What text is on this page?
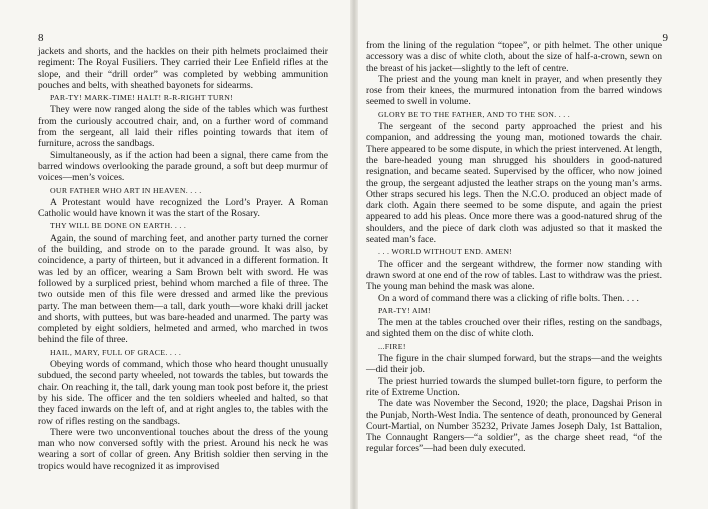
8

jackets and shorts, and the hackles on their pith helmets proclaimed their regiment: The Royal Fusiliers. They carried their Lee Enfield rifles at the slope, and their “drill order” was completed by webbing ammunition pouches and belts, with sheathed bayonets for sidearms.

PAR-TY! MARK-TIME! HALT! R-R-RIGHT TURN!

They were now ranged along the side of the tables which was furthest from the curiously accoutred chair, and, on a further word of command from the sergeant, all laid their rifles pointing towards that item of furniture, across the sandbags.

Simultaneously, as if the action had been a signal, there came from the barred windows overlooking the parade ground, a soft but deep murmur of voices—men’s voices.

OUR FATHER WHO ART IN HEAVEN. . . .

A Protestant would have recognized the Lord’s Prayer. A Roman Catholic would have known it was the start of the Rosary.

THY WILL BE DONE ON EARTH. . . .

Again, the sound of marching feet, and another party turned the corner of the building, and strode on to the parade ground. It was also, by coincidence, a party of thirteen, but it advanced in a different formation. It was led by an officer, wearing a Sam Brown belt with sword. He was followed by a surpliced priest, behind whom marched a file of three. The two outside men of this file were dressed and armed like the previous party. The man between them—a tall, dark youth—wore khaki drill jacket and shorts, with puttees, but was bare-headed and unarmed. The party was completed by eight soldiers, helmeted and armed, who marched in twos behind the file of three.

HAIL, MARY, FULL OF GRACE. . . .

Obeying words of command, which those who heard thought unusually subdued, the second party wheeled, not towards the tables, but towards the chair. On reaching it, the tall, dark young man took post before it, the priest by his side. The officer and the ten soldiers wheeled and halted, so that they faced inwards on the left of, and at right angles to, the tables with the row of rifles resting on the sandbags.

There were two unconventional touches about the dress of the young man who now conversed softly with the priest. Around his neck he was wearing a sort of collar of green. Any British soldier then serving in the tropics would have recognized it as improvised

9

from the lining of the regulation “topee”, or pith helmet. The other unique accessory was a disc of white cloth, about the size of half-a-crown, sewn on the breast of his jacket—slightly to the left of centre.

The priest and the young man knelt in prayer, and when presently they rose from their knees, the murmured intonation from the barred windows seemed to swell in volume.

GLORY BE TO THE FATHER, AND TO THE SON. . . .

The sergeant of the second party approached the priest and his companion, and addressing the young man, motioned towards the chair. There appeared to be some dispute, in which the priest intervened. At length, the bare-headed young man shrugged his shoulders in good-natured resignation, and became seated. Supervised by the officer, who now joined the group, the sergeant adjusted the leather straps on the young man’s arms. Other straps secured his legs. Then the N.C.O. produced an object made of dark cloth. Again there seemed to be some dispute, and again the priest appeared to add his pleas. Once more there was a good-natured shrug of the shoulders, and the piece of dark cloth was adjusted so that it masked the seated man’s face.

. . . WORLD WITHOUT END. AMEN!

The officer and the sergeant withdrew, the former now standing with drawn sword at one end of the row of tables. Last to withdraw was the priest. The young man behind the mask was alone.

On a word of command there was a clicking of rifle bolts. Then. . . .

PAR-TY! AIM!

The men at the tables crouched over their rifles, resting on the sandbags, and sighted them on the disc of white cloth.

...FIRE!

The figure in the chair slumped forward, but the straps—and the weights—did their job.

The priest hurried towards the slumped bullet-torn figure, to perform the rite of Extreme Unction.

The date was November the Second, 1920; the place, Dagshai Prison in the Punjab, North-West India. The sentence of death, pronounced by General Court-Martial, on Number 35232, Private James Joseph Daly, 1st Battalion, The Connaught Rangers—“a soldier”, as the charge sheet read, “of the regular forces”—had been duly executed.
